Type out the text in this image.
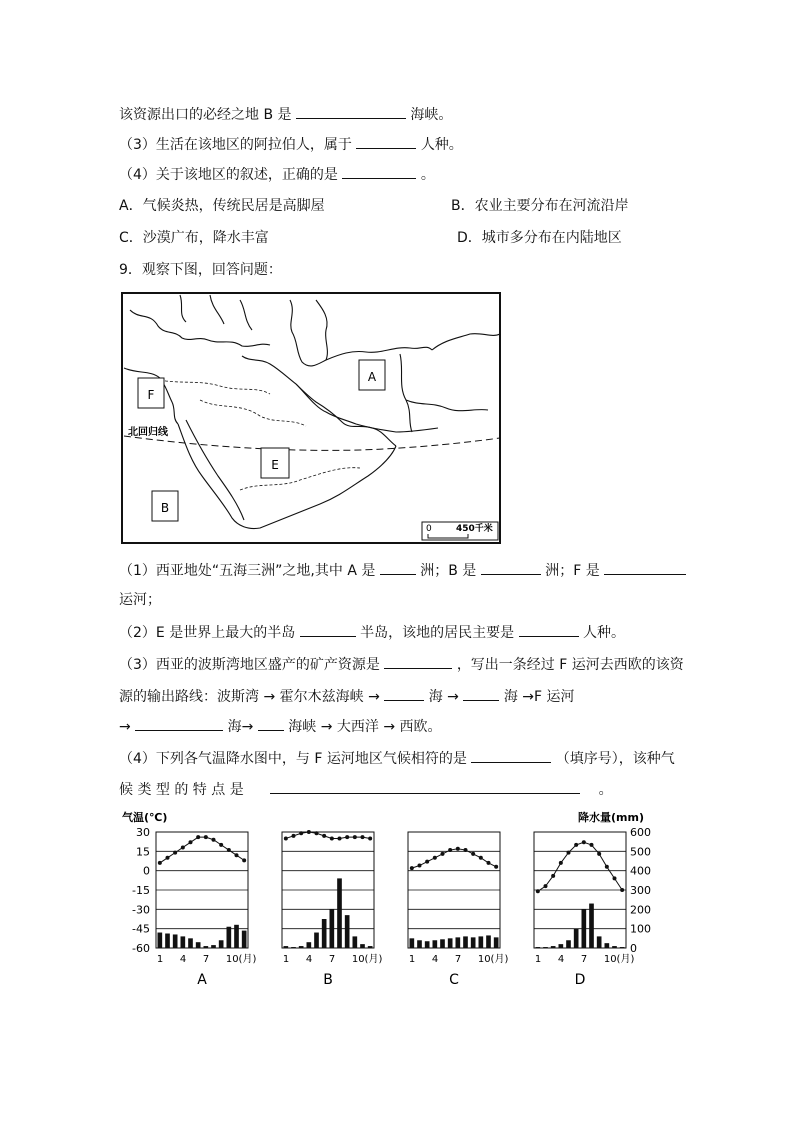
该资源出口的必经之地 B 是	海峡。
（3）生活在该地区的阿拉伯人，属于	人种。
（4）关于该地区的叙述，正确的是	。
A．气候炎热，传统民居是高脚屋	B．农业主要分布在河流沿岸
C．沙漠广布，降水丰富	D．城市多分布在内陆地区
9．观察下图，回答问题：
北回归线
A
F
E
B
0	450千米
（1）西亚地处“五海三洲”之地,其中 A 是	洲；B 是	洲；F 是
运河；
（2）E 是世界上最大的半岛	半岛，该地的居民主要是	人种。
（3）西亚的波斯湾地区盛产的矿产资源是	，写出一条经过 F 运河去西欧的该资
源的输出路线：波斯湾 → 霍尔木兹海峡 →	海 →	海 →F 运河
→	海→ 海峡 → 大西洋 → 西欧。
（4）下列各气温降水图中，与 F 运河地区气候相符的是	（填序号），该种气
候 类 型 的 特 点 是	。
气温(℃)	降水量(mm)
30
15
0
-15
-30
-45
-60
600
500
400
300
200
100
0
1 4 7 10(月)
A
1 4 7 10(月)
B
1 4 7 10(月)
C
1 4 7 10(月)
D
